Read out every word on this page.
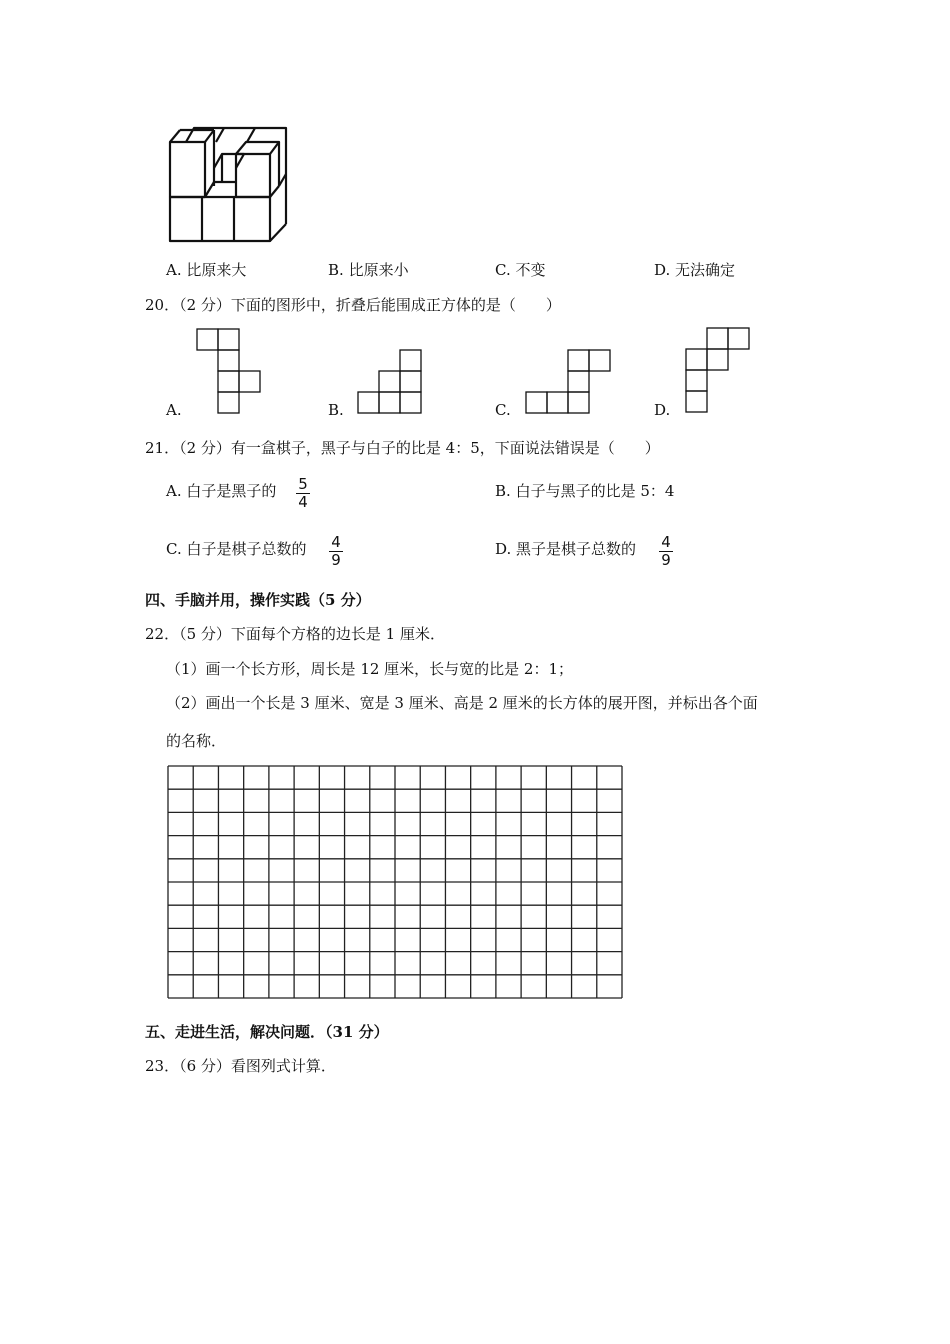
A. 比原来大	B. 比原来小	C. 不变	D. 无法确定
20．（2 分）下面的图形中，折叠后能围成正方体的是（　　）
A.	B.	C.	D.
21．（2 分）有一盒棋子，黑子与白子的比是 4：5，下面说法错误是（　　）
A. 白子是黑子的 5
4
B. 白子与黑子的比是 5：4
C. 白子是棋子总数的 4
9
D. 黑子是棋子总数的 4
9
四、手脑并用，操作实践（5 分）
22．（5 分）下面每个方格的边长是 1 厘米．
（1）画一个长方形，周长是 12 厘米，长与宽的比是 2：1；
（2）画出一个长是 3 厘米、宽是 3 厘米、高是 2 厘米的长方体的展开图，并标出各个面
的名称．
五、走进生活，解决问题．（31 分）
23．（6 分）看图列式计算．
